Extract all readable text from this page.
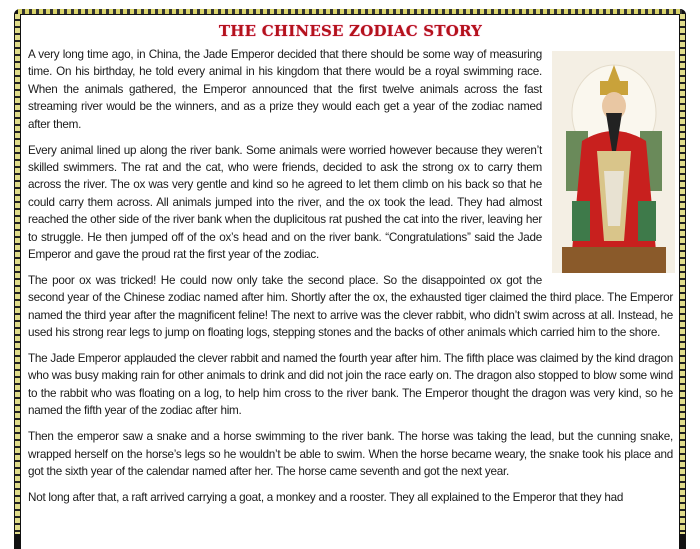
THE CHINESE ZODIAC STORY

A very long time ago, in China, the Jade Emperor decided that there should be some way of measuring time. On his birthday, he told every animal in his kingdom that there would be a royal swimming race. When the animals gathered, the Emperor announced that the first twelve animals across the fast streaming river would be the winners, and as a prize they would each get a year of the zodiac named after them.

Every animal lined up along the river bank. Some animals were worried however because they weren’t skilled swimmers. The rat and the cat, who were friends, decided to ask the strong ox to carry them across the river. The ox was very gentle and kind so he agreed to let them climb on his back so that he could carry them across. All animals jumped into the river, and the ox took the lead. They had almost reached the other side of the river bank when the duplicitous rat pushed the cat into the river, leaving her to struggle. He then jumped off of the ox’s head and on the river bank. “Congratulations” said the Jade Emperor and gave the proud rat the first year of the zodiac.

The poor ox was tricked! He could now only take the second place. So the disappointed ox got the second year of the Chinese zodiac named after him. Shortly after the ox, the exhausted tiger claimed the third place. The Emperor named the third year after the magnificent feline! The next to arrive was the clever rabbit, who didn’t swim across at all. Instead, he used his strong rear legs to jump on floating logs, stepping stones and the backs of other animals which carried him to the shore.

The Jade Emperor applauded the clever rabbit and named the fourth year after him. The fifth place was claimed by the kind dragon who was busy making rain for other animals to drink and did not join the race early on. The dragon also stopped to blow some wind to the rabbit who was floating on a log, to help him cross to the river bank. The Emperor thought the dragon was very kind, so he named the fifth year of the zodiac after him.

Then the emperor saw a snake and a horse swimming to the river bank. The horse was taking the lead, but the cunning snake, wrapped herself on the horse’s legs so he wouldn’t be able to swim. When the horse became weary, the snake took his place and got the sixth year of the calendar named after her. The horse came seventh and got the next year.

Not long after that, a raft arrived carrying a goat, a monkey and a rooster. They all explained to the Emperor that they had
